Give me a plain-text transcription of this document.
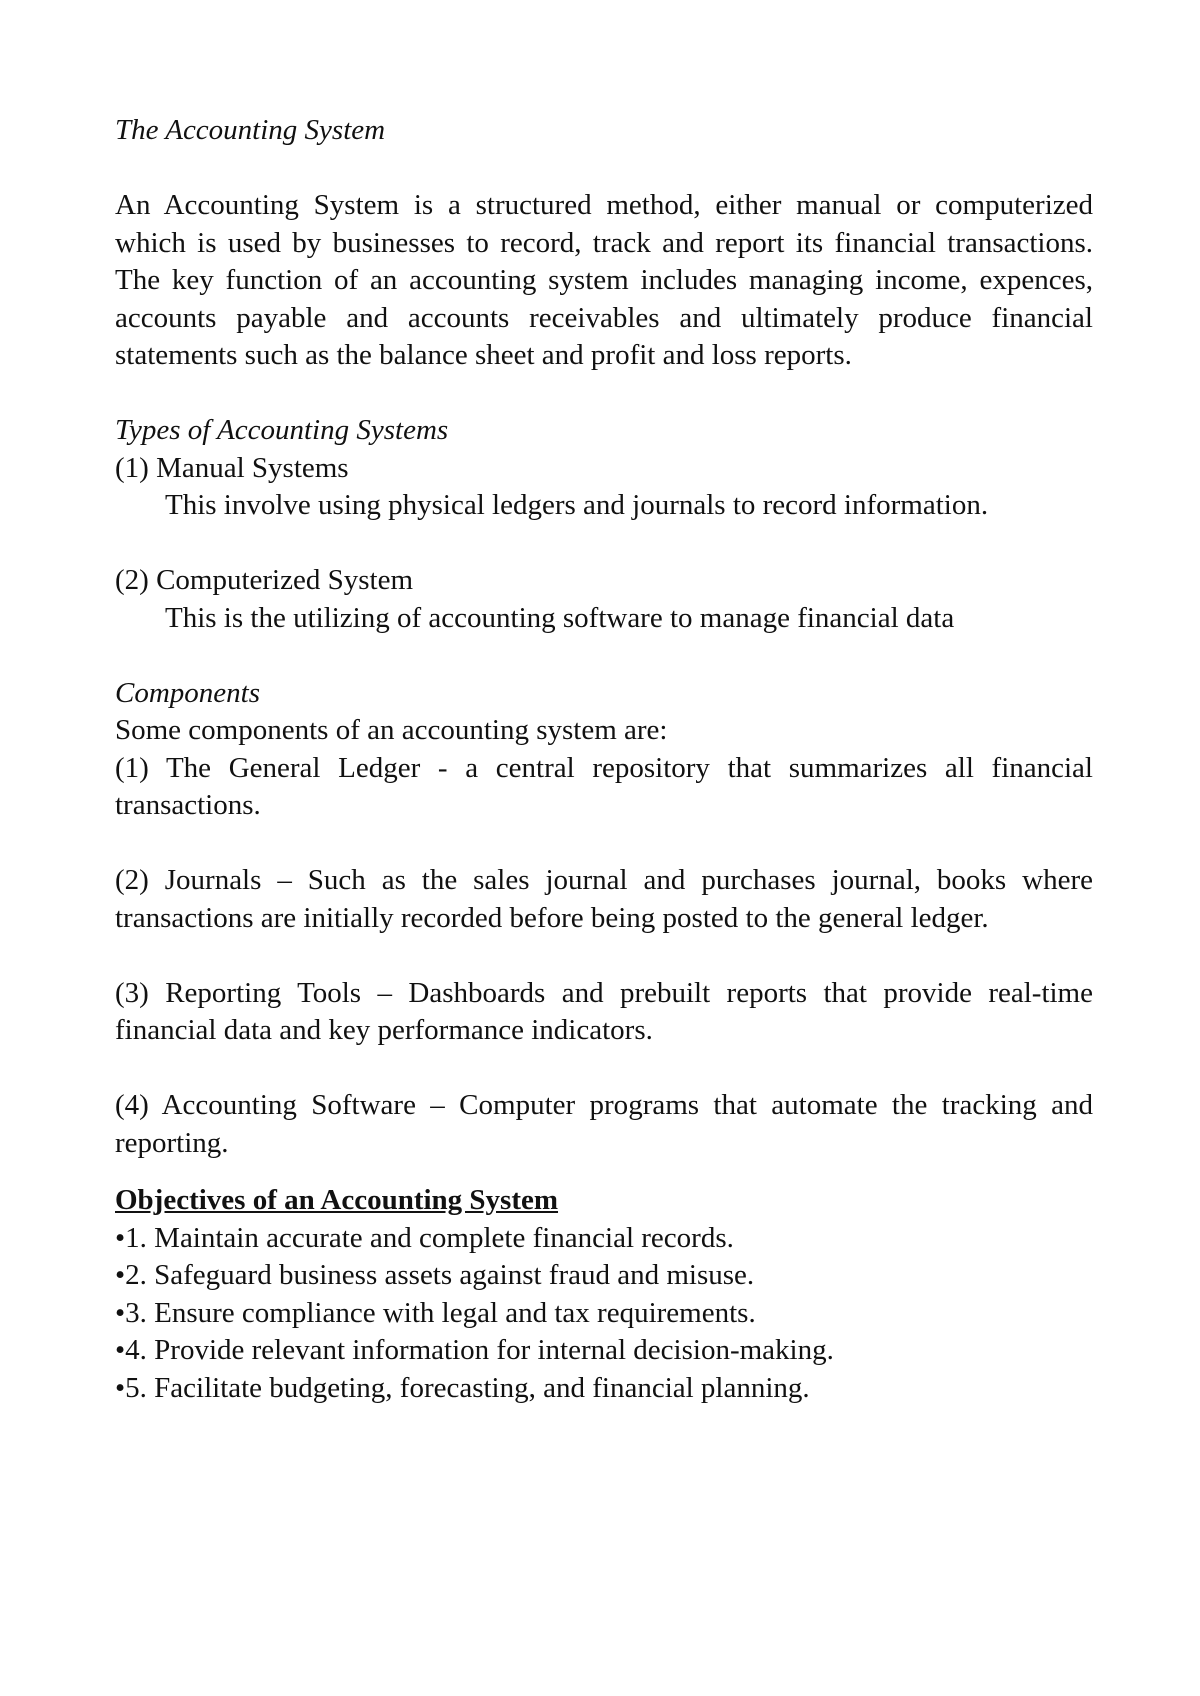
The Accounting System

An Accounting System is a structured method, either manual or computerized which is used by businesses to record, track and report its financial transactions. The key function of an accounting system includes managing income, expences, accounts payable and accounts receivables and ultimately produce financial statements such as the balance sheet and profit and loss reports.

Types of Accounting Systems

(1) Manual Systems

This involve using physical ledgers and journals to record information.

(2) Computerized System

This is the utilizing of accounting software to manage financial data

Components

Some components of an accounting system are:

(1) The General Ledger - a central repository that summarizes all financial transactions.

(2) Journals – Such as the sales journal and purchases journal, books where transactions are initially recorded before being posted to the general ledger.

(3) Reporting Tools – Dashboards and prebuilt reports that provide real-time financial data and key performance indicators.

(4) Accounting Software – Computer programs that automate the tracking and reporting.

Objectives of an Accounting System

•1. Maintain accurate and complete financial records.

•2. Safeguard business assets against fraud and misuse.

•3. Ensure compliance with legal and tax requirements.

•4. Provide relevant information for internal decision-making.

•5. Facilitate budgeting, forecasting, and financial planning.
